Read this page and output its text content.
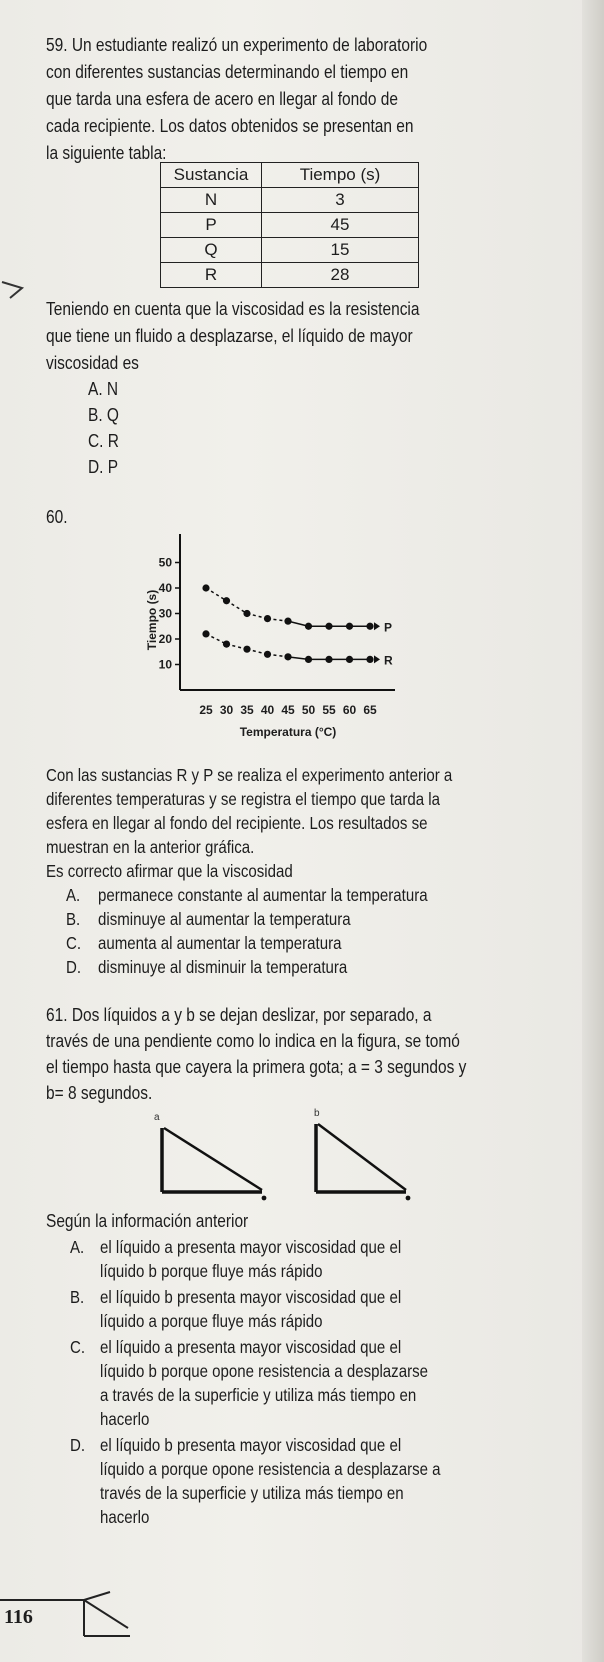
59. Un estudiante realizó un experimento de laboratorio
con diferentes sustancias determinando el tiempo en
que tarda una esfera de acero en llegar al fondo de
cada recipiente. Los datos obtenidos se presentan en
la siguiente tabla:
Sustancia	Tiempo (s)
N	3
P	45
Q	15
R	28
Teniendo en cuenta que la viscosidad es la resistencia
que tiene un fluido a desplazarse, el líquido de mayor
viscosidad es
A. N
B. Q
C. R
D. P
60.
50
40
30
20
10
25 30 35 40 45 50 55 60 65
Tiempo (s)
Temperatura (°C)
P
R
Con las sustancias R y P se realiza el experimento anterior a
diferentes temperaturas y se registra el tiempo que tarda la
esfera en llegar al fondo del recipiente. Los resultados se
muestran en la anterior gráfica.
Es correcto afirmar que la viscosidad
A. permanece constante al aumentar la temperatura
B. disminuye al aumentar la temperatura
C. aumenta al aumentar la temperatura
D. disminuye al disminuir la temperatura
61. Dos líquidos a y b se dejan deslizar, por separado, a
través de una pendiente como lo indica en la figura, se tomó
el tiempo hasta que cayera la primera gota; a = 3 segundos y
b= 8 segundos.
a	b
Según la información anterior
A. el líquido a presenta mayor viscosidad que el
líquido b porque fluye más rápido
B. el líquido b presenta mayor viscosidad que el
líquido a porque fluye más rápido
C. el líquido a presenta mayor viscosidad que el
líquido b porque opone resistencia a desplazarse
a través de la superficie y utiliza más tiempo en
hacerlo
D. el líquido b presenta mayor viscosidad que el
líquido a porque opone resistencia a desplazarse a
través de la superficie y utiliza más tiempo en
hacerlo
116
